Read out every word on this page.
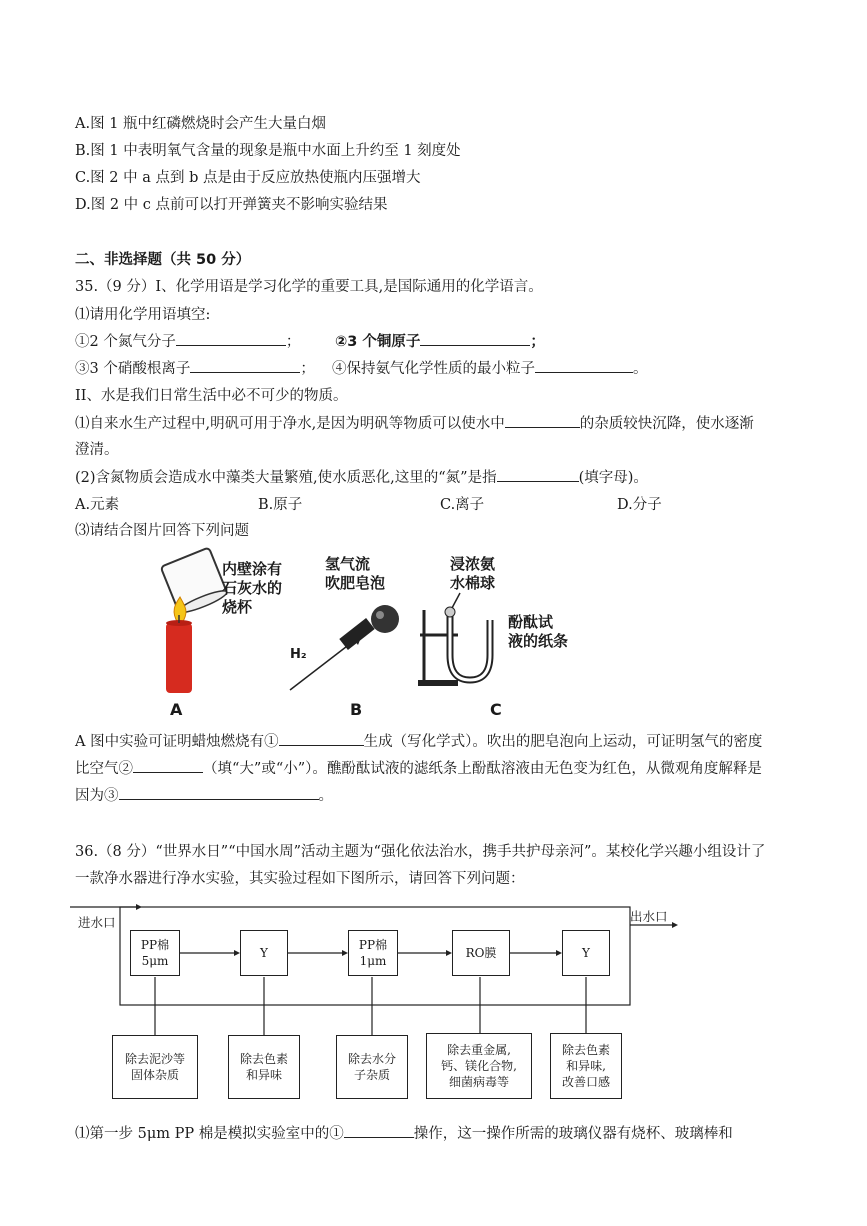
A.图 1 瓶中红磷燃烧时会产生大量白烟
B.图 1 中表明氧气含量的现象是瓶中水面上升约至 1 刻度处
C.图 2 中 a 点到 b 点是由于反应放热使瓶内压强增大
D.图 2 中 c 点前可以打开弹簧夹不影响实验结果
二、非选择题（共 50 分）
35.（9 分）I、化学用语是学习化学的重要工具,是国际通用的化学语言。
⑴请用化学用语填空:
①2 个氮气分子	； ②3 个铜原子	；
③3 个硝酸根离子	； ④保持氨气化学性质的最小粒子	。
II、水是我们日常生活中必不可少的物质。
⑴自来水生产过程中,明矾可用于净水,是因为明矾等物质可以使水中	的杂质较快沉降，使水逐渐
澄清。
(2)含氮物质会造成水中藻类大量繁殖,使水质恶化,这里的“氮”是指	(填字母)。
A.元素	B.原子	C.离子	D.分子
⑶请结合图片回答下列问题
内壁涂有
石灰水的
烧杯
氢气流
吹肥皂泡
H₂
浸浓氨
水棉球
酚酞试
液的纸条
A	B	C
A 图中实验可证明蜡烛燃烧有①	生成（写化学式）。吹出的肥皂泡向上运动，可证明氢气的密度
比空气②	（填“大”或“小”）。醮酚酞试液的滤纸条上酚酞溶液由无色变为红色，从微观角度解释是
因为③	。
36.（8 分）“世界水日”“中国水周”活动主题为“强化依法治水，携手共护母亲河”。某校化学兴趣小组设计了
一款净水器进行净水实验，其实验过程如下图所示，请回答下列问题：
进水口	出水口
PP棉
5μm
Y
PP棉
1μm
RO膜	Y
除去泥沙等
固体杂质
除去色素
和异味
除去水分
子杂质
除去重金属,
钙、镁化合物,
细菌病毒等
除去色素
和异味,
改善口感
⑴第一步 5μm PP 棉是模拟实验室中的①	操作，这一操作所需的玻璃仪器有烧杯、玻璃棒和
